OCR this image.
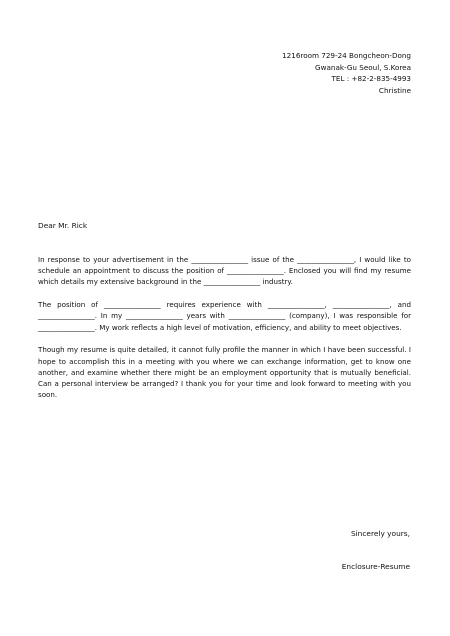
1216room 729-24 Bongcheon-Dong
Gwanak-Gu Seoul, S.Korea
TEL : +82-2-835-4993
Christine
Dear Mr. Rick

In response to your advertisement in the ________________ issue of the ________________, I would like to schedule an appointment to discuss the position of ________________. Enclosed you will find my resume which details my extensive background in the ________________ industry.

The position of ________________ requires experience with ________________, ________________, and ________________. In my ________________ years with ________________ (company), I was responsible for ________________. My work reflects a high level of motivation, efficiency, and ability to meet objectives.

Though my resume is quite detailed, it cannot fully profile the manner in which I have been successful. I hope to accomplish this in a meeting with you where we can exchange information, get to know one another, and examine whether there might be an employment opportunity that is mutually beneficial. Can a personal interview be arranged? I thank you for your time and look forward to meeting with you soon.

Sincerely yours,
Enclosure-Resume
